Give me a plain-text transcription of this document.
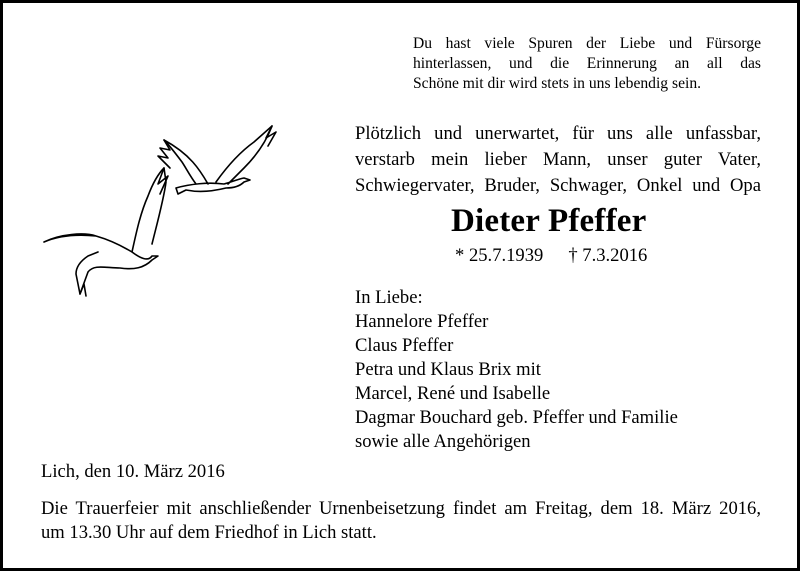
Du hast viele Spuren der Liebe und Fürsorge
hinterlassen, und die Erinnerung an all das
Schöne mit dir wird stets in uns lebendig sein.
Plötzlich und unerwartet, für uns alle unfassbar,
verstarb mein lieber Mann, unser guter Vater,
Schwiegervater, Bruder, Schwager, Onkel und Opa
Dieter Pfeffer
* 25.7.1939 † 7.3.2016
In Liebe:
Hannelore Pfeffer
Claus Pfeffer
Petra und Klaus Brix mit
Marcel, René und Isabelle
Dagmar Bouchard geb. Pfeffer und Familie
sowie alle Angehörigen
Lich, den 10. März 2016
Die Trauerfeier mit anschließender Urnenbeisetzung findet am Freitag, dem 18. März 2016,
um 13.30 Uhr auf dem Friedhof in Lich statt.
